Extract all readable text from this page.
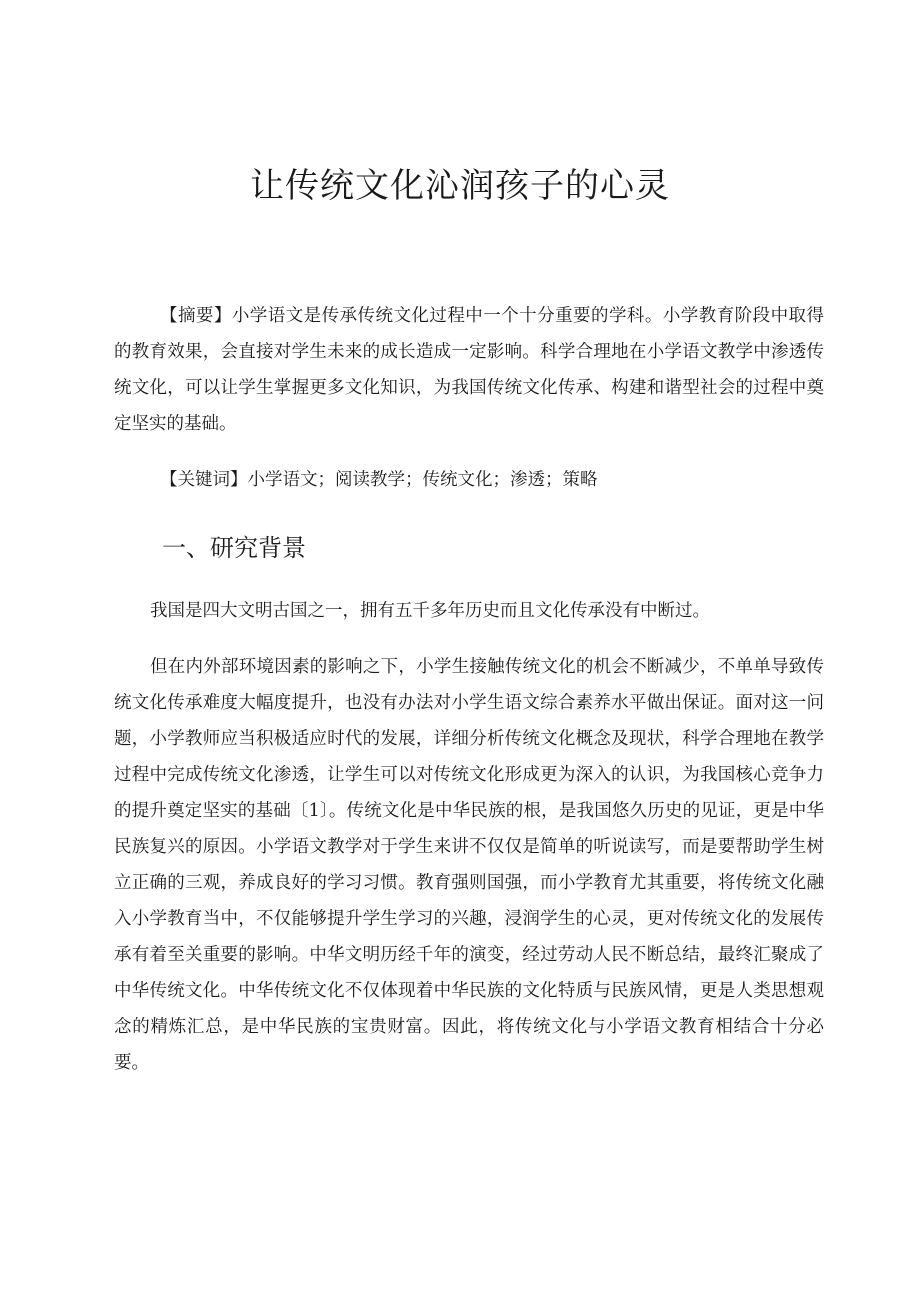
让传统文化沁润孩子的心灵

【摘要】小学语文是传承传统文化过程中一个十分重要的学科。小学教育阶段中取得的教育效果，会直接对学生未来的成长造成一定影响。科学合理地在小学语文教学中渗透传统文化，可以让学生掌握更多文化知识，为我国传统文化传承、构建和谐型社会的过程中奠定坚实的基础。

【关键词】小学语文；阅读教学；传统文化；渗透；策略

一、研究背景

我国是四大文明古国之一，拥有五千多年历史而且文化传承没有中断过。

但在内外部环境因素的影响之下，小学生接触传统文化的机会不断减少，不单单导致传统文化传承难度大幅度提升，也没有办法对小学生语文综合素养水平做出保证。面对这一问题，小学教师应当积极适应时代的发展，详细分析传统文化概念及现状，科学合理地在教学过程中完成传统文化渗透，让学生可以对传统文化形成更为深入的认识，为我国核心竞争力的提升奠定坚实的基础〔1〕。传统文化是中华民族的根，是我国悠久历史的见证，更是中华民族复兴的原因。小学语文教学对于学生来讲不仅仅是简单的听说读写，而是要帮助学生树立正确的三观，养成良好的学习习惯。教育强则国强，而小学教育尤其重要，将传统文化融入小学教育当中，不仅能够提升学生学习的兴趣，浸润学生的心灵，更对传统文化的发展传承有着至关重要的影响。中华文明历经千年的演变，经过劳动人民不断总结，最终汇聚成了中华传统文化。中华传统文化不仅体现着中华民族的文化特质与民族风情，更是人类思想观念的精炼汇总，是中华民族的宝贵财富。因此，将传统文化与小学语文教育相结合十分必要。
